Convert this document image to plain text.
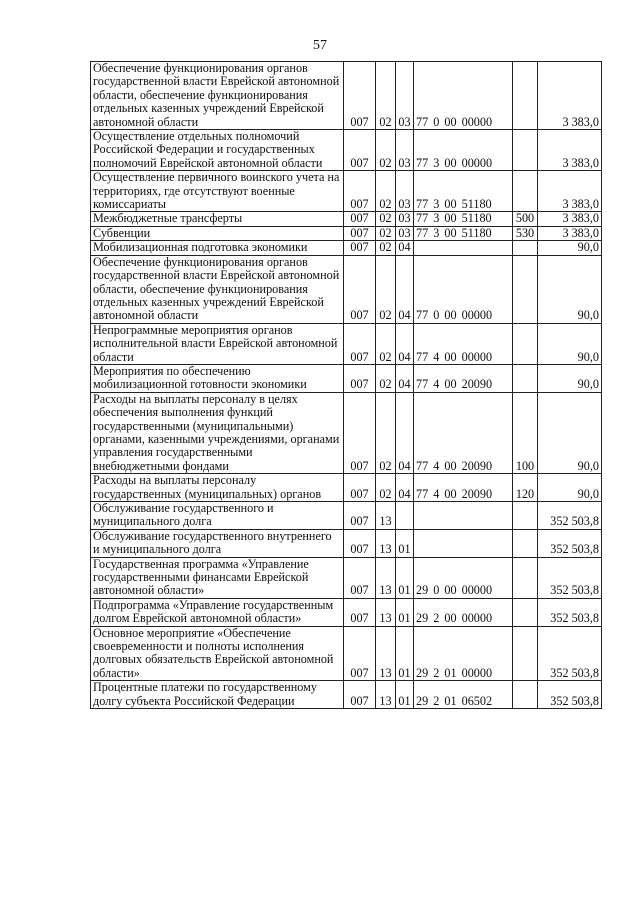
57
Обеспечение функционирования органов государственной власти Еврейской автономной области, обеспечение функционирования отдельных казенных учреждений Еврейской автономной области	007	02	03	77 0 00 00000		3 383,0
Осуществление отдельных полномочий Российской Федерации и государственных полномочий Еврейской автономной области	007	02	03	77 3 00 00000		3 383,0
Осуществление первичного воинского учета на территориях, где отсутствуют военные комиссариаты	007	02	03	77 3 00 51180		3 383,0
Межбюджетные трансферты	007	02	03	77 3 00 51180	500	3 383,0
Субвенции	007	02	03	77 3 00 51180	530	3 383,0
Мобилизационная подготовка экономики	007	02	04			90,0
Обеспечение функционирования органов государственной власти Еврейской автономной области, обеспечение функционирования отдельных казенных учреждений Еврейской автономной области	007	02	04	77 0 00 00000		90,0
Непрограммные мероприятия органов исполнительной власти Еврейской автономной области	007	02	04	77 4 00 00000		90,0
Мероприятия по обеспечению мобилизационной готовности экономики	007	02	04	77 4 00 20090		90,0
Расходы на выплаты персоналу в целях обеспечения выполнения функций государственными (муниципальными) органами, казенными учреждениями, органами управления государственными внебюджетными фондами	007	02	04	77 4 00 20090	100	90,0
Расходы на выплаты персоналу государственных (муниципальных) органов	007	02	04	77 4 00 20090	120	90,0
Обслуживание государственного и муниципального долга	007	13				352 503,8
Обслуживание государственного внутреннего и муниципального долга	007	13	01			352 503,8
Государственная программа «Управление государственными финансами Еврейской автономной области»	007	13	01	29 0 00 00000		352 503,8
Подпрограмма «Управление государственным долгом Еврейской автономной области»	007	13	01	29 2 00 00000		352 503,8
Основное мероприятие «Обеспечение своевременности и полноты исполнения долговых обязательств Еврейской автономной области»	007	13	01	29 2 01 00000		352 503,8
Процентные платежи по государственному долгу субъекта Российской Федерации	007	13	01	29 2 01 06502		352 503,8
